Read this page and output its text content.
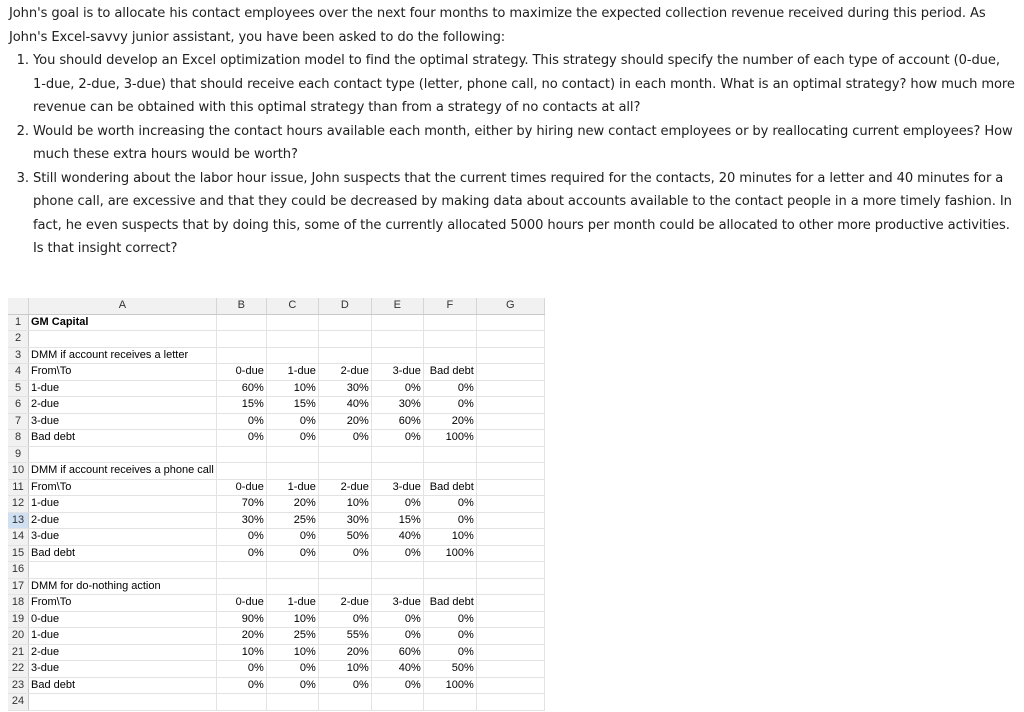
John's goal is to allocate his contact employees over the next four months to maximize the expected collection revenue received during this period. As John's Excel-savvy junior assistant, you have been asked to do the following:

1. You should develop an Excel optimization model to find the optimal strategy. This strategy should specify the number of each type of account (0-due, 1-due, 2-due, 3-due) that should receive each contact type (letter, phone call, no contact) in each month. What is an optimal strategy? how much more revenue can be obtained with this optimal strategy than from a strategy of no contacts at all?
2. Would be worth increasing the contact hours available each month, either by hiring new contact employees or by reallocating current employees? How much these extra hours would be worth?
3. Still wondering about the labor hour issue, John suspects that the current times required for the contacts, 20 minutes for a letter and 40 minutes for a phone call, are excessive and that they could be decreased by making data about accounts available to the contact people in a more timely fashion. In fact, he even suspects that by doing this, some of the currently allocated 5000 hours per month could be allocated to other more productive activities. Is that insight correct?
	A	B	C	D	E	F	G
1	GM Capital						
2							
3	DMM if account receives a letter						
4	From\To	0-due	1-due	2-due	3-due	Bad debt	
5	1-due	60%	10%	30%	0%	0%	
6	2-due	15%	15%	40%	30%	0%	
7	3-due	0%	0%	20%	60%	20%	
8	Bad debt	0%	0%	0%	0%	100%	
9							
10	DMM if account receives a phone call						
11	From\To	0-due	1-due	2-due	3-due	Bad debt	
12	1-due	70%	20%	10%	0%	0%	
13	2-due	30%	25%	30%	15%	0%	
14	3-due	0%	0%	50%	40%	10%	
15	Bad debt	0%	0%	0%	0%	100%	
16							
17	DMM for do-nothing action						
18	From\To	0-due	1-due	2-due	3-due	Bad debt	
19	0-due	90%	10%	0%	0%	0%	
20	1-due	20%	25%	55%	0%	0%	
21	2-due	10%	10%	20%	60%	0%	
22	3-due	0%	0%	10%	40%	50%	
23	Bad debt	0%	0%	0%	0%	100%	
24							
